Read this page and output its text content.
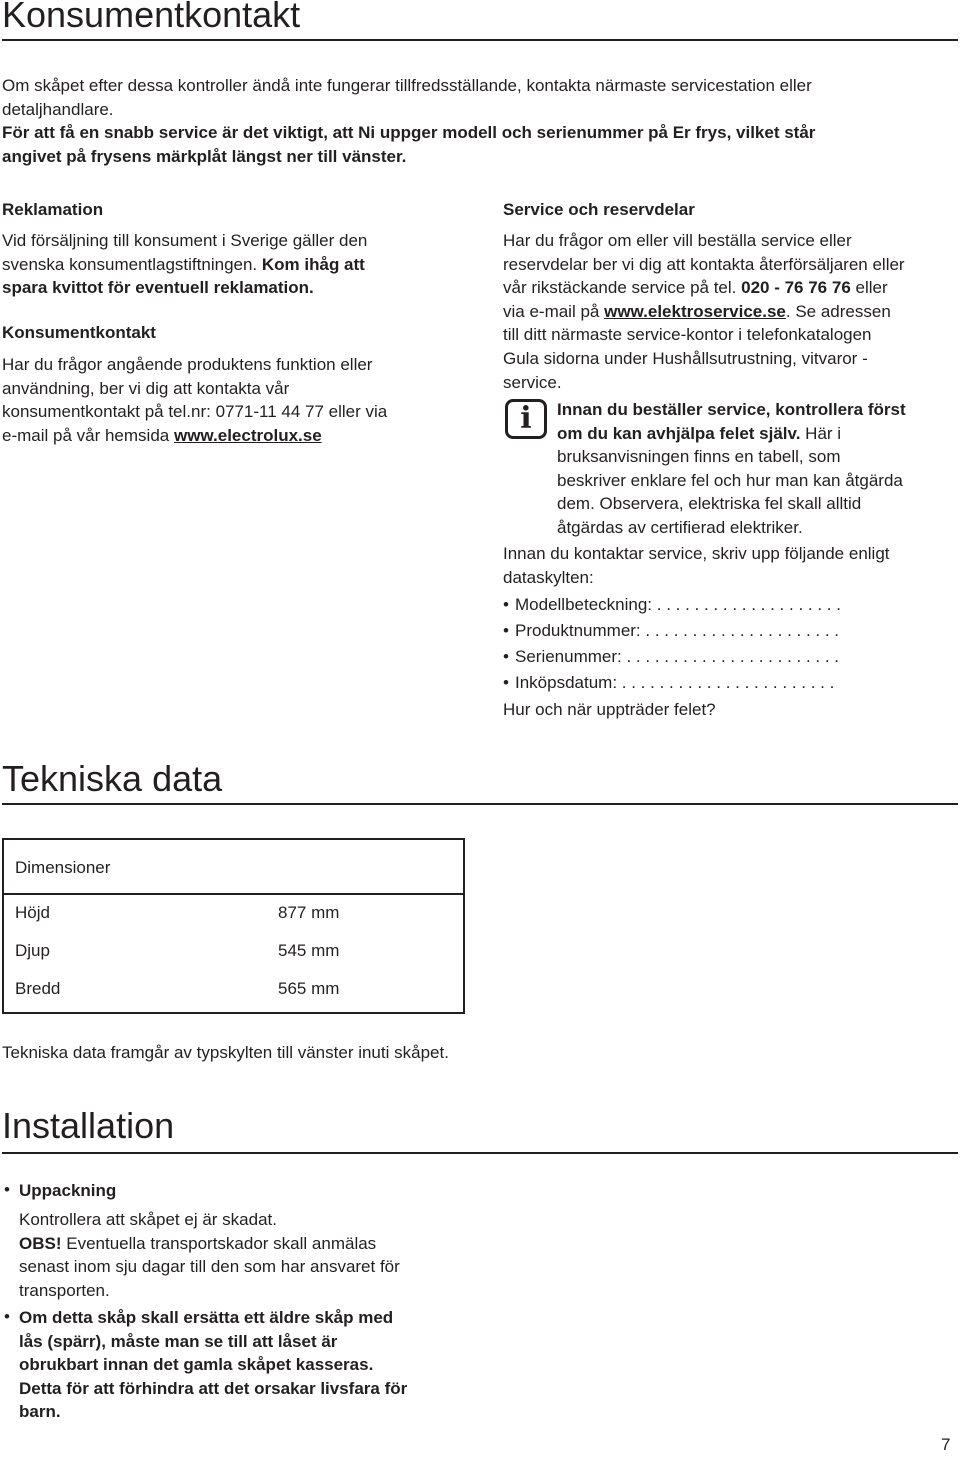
Konsumentkontakt
Om skåpet efter dessa kontroller ändå inte fungerar tillfredsställande, kontakta närmaste servicestation eller
detaljhandlare.
För att få en snabb service är det viktigt, att Ni uppger modell och serienummer på Er frys, vilket står
angivet på frysens märkplåt längst ner till vänster.
Reklamation
Vid försäljning till konsument i Sverige gäller den
svenska konsumentlagstiftningen. Kom ihåg att
spara kvittot för eventuell reklamation.
Konsumentkontakt
Har du frågor angående produktens funktion eller
användning, ber vi dig att kontakta vår
konsumentkontakt på tel.nr: 0771-11 44 77 eller via
e-mail på vår hemsida www.electrolux.se
Service och reservdelar
Har du frågor om eller vill beställa service eller
reservdelar ber vi dig att kontakta återförsäljaren eller
vår rikstäckande service på tel. 020 - 76 76 76 eller
via e-mail på www.elektroservice.se. Se adressen
till ditt närmaste service-kontor i telefonkatalogen
Gula sidorna under Hushållsutrustning, vitvaror -
service.
i	Innan du beställer service, kontrollera först
om du kan avhjälpa felet själv. Här i
bruksanvisningen finns en tabell, som
beskriver enklare fel och hur man kan åtgärda
dem. Observera, elektriska fel skall alltid
åtgärdas av certifierad elektriker.
Innan du kontaktar service, skriv upp följande enligt
dataskylten:
• Modellbeteckning: . . . . . . . . . . . . . . . . . . . .
• Produktnummer: . . . . . . . . . . . . . . . . . . . . .
• Serienummer: . . . . . . . . . . . . . . . . . . . . . . .
• Inköpsdatum: . . . . . . . . . . . . . . . . . . . . . . .
Hur och när uppträder felet?
Tekniska data
Dimensioner
Höjd	877 mm
Djup	545 mm
Bredd	565 mm
Tekniska data framgår av typskylten till vänster inuti skåpet.
Installation
• Uppackning
Kontrollera att skåpet ej är skadat.
OBS! Eventuella transportskador skall anmälas
senast inom sju dagar till den som har ansvaret för
transporten.
• Om detta skåp skall ersätta ett äldre skåp med
lås (spärr), måste man se till att låset är
obrukbart innan det gamla skåpet kasseras.
Detta för att förhindra att det orsakar livsfara för
barn.
7
